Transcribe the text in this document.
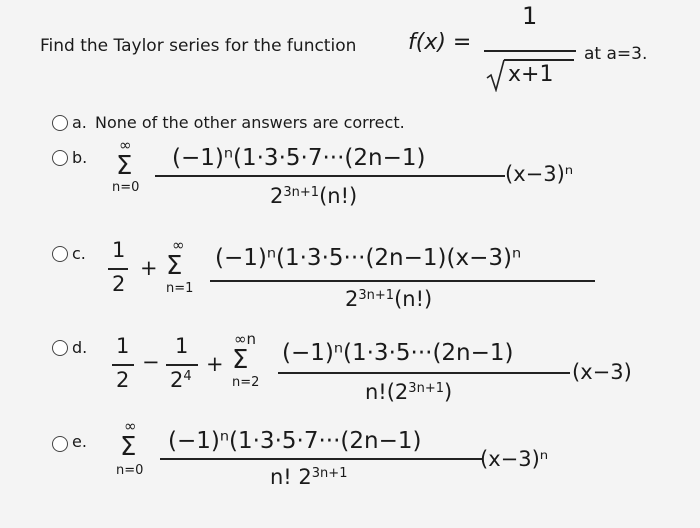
Find the Taylor series for the function f(x) =
1
x+1
at a=3.
a. None of the other answers are correct.
b.
∞
Σ
n=0
(−1)ⁿ(1·3·5·7···(2n−1)
$2^{3n+1}(n!)$
(x−3)ⁿ
c. 1
2
+
∞
Σ
n=1
(−1)ⁿ(1·3·5···(2n−1)(x−3)ⁿ
$2^{3n+1}(n!)$
d. 1
2
−
1
$2^4$
+
∞n
Σ
n=2
(−1)ⁿ(1·3·5···(2n−1)
$n!(2^{3n+1})$
(x−3)
e.
∞
Σ
n=0
(−1)ⁿ(1·3·5·7···(2n−1)
n! $2^{3n+1}$
(x−3)ⁿ
